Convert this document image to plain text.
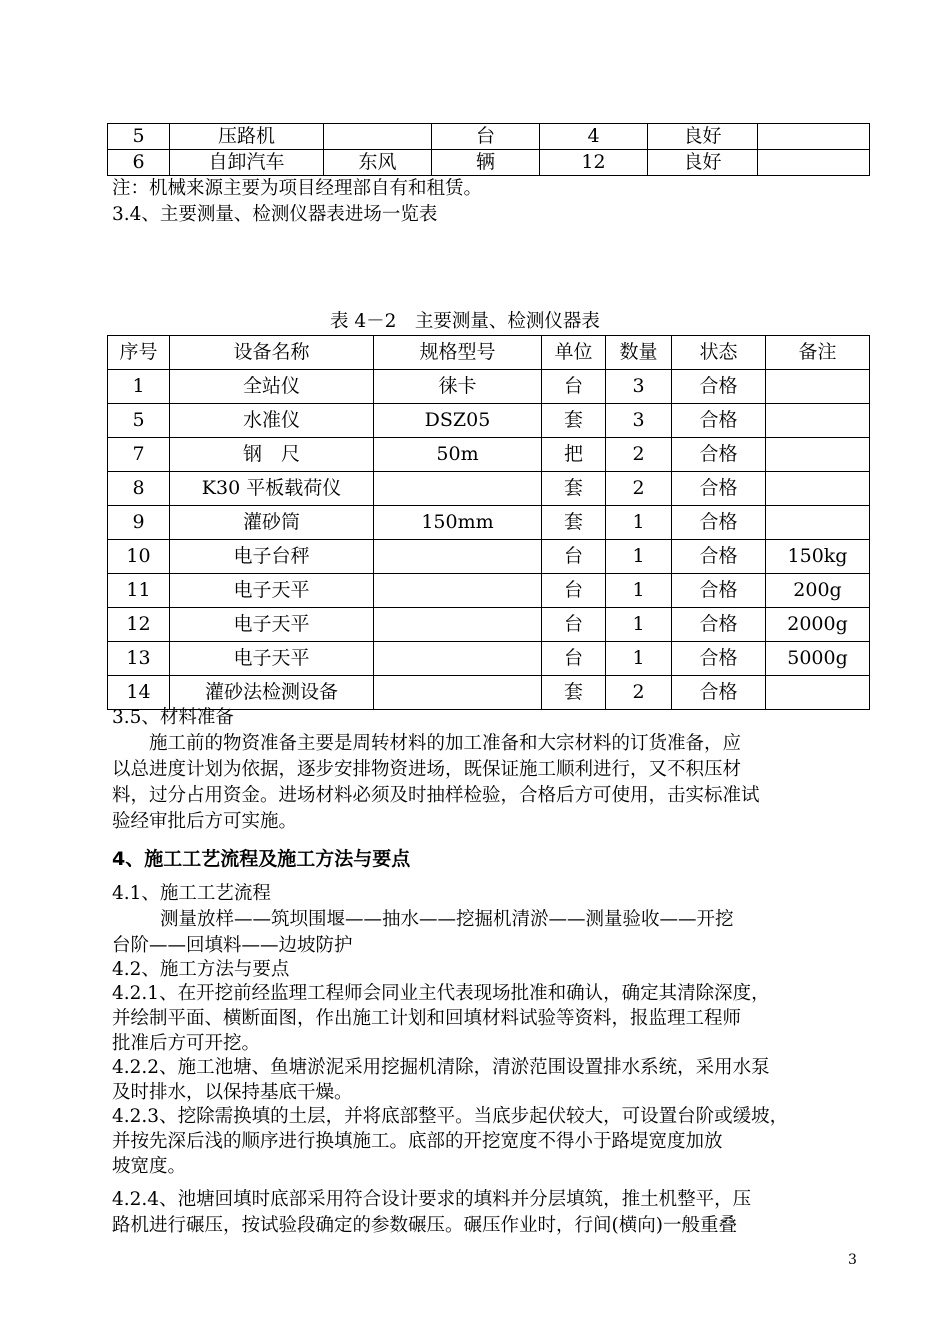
5	压路机		台	4	良好	
6	自卸汽车	东风	辆	12	良好	
注：机械来源主要为项目经理部自有和租赁。
3.4、主要测量、检测仪器表进场一览表
表 4－2　主要测量、检测仪器表
序号	设备名称	规格型号	单位	数量	状态	备注
1	全站仪	徕卡	台	3	合格	
5	水准仪	DSZ05	套	3	合格	
7	钢　尺	50m	把	2	合格	
8	K30 平板载荷仪		套	2	合格	
9	灌砂筒	150mm	套	1	合格	
10	电子台秤		台	1	合格	150kg
11	电子天平		台	1	合格	200g
12	电子天平		台	1	合格	2000g
13	电子天平		台	1	合格	5000g
14	灌砂法检测设备		套	2	合格	
3.5、材料准备
施工前的物资准备主要是周转材料的加工准备和大宗材料的订货准备，应
以总进度计划为依据，逐步安排物资进场，既保证施工顺利进行，又不积压材
料，过分占用资金。进场材料必须及时抽样检验，合格后方可使用，击实标准试
验经审批后方可实施。
4、施工工艺流程及施工方法与要点
4.1、施工工艺流程
测量放样——筑坝围堰——抽水——挖掘机清淤——测量验收——开挖
台阶——回填料——边坡防护
4.2、施工方法与要点
4.2.1、在开挖前经监理工程师会同业主代表现场批准和确认，确定其清除深度，
并绘制平面、横断面图，作出施工计划和回填材料试验等资料，报监理工程师
批准后方可开挖。
4.2.2、施工池塘、鱼塘淤泥采用挖掘机清除，清淤范围设置排水系统，采用水泵
及时排水，以保持基底干燥。
4.2.3、挖除需换填的土层，并将底部整平。当底步起伏较大，可设置台阶或缓坡，
并按先深后浅的顺序进行换填施工。底部的开挖宽度不得小于路堤宽度加放
坡宽度。
4.2.4、池塘回填时底部采用符合设计要求的填料并分层填筑，推土机整平，压
路机进行碾压，按试验段确定的参数碾压。碾压作业时，行间(横向)一般重叠
3
